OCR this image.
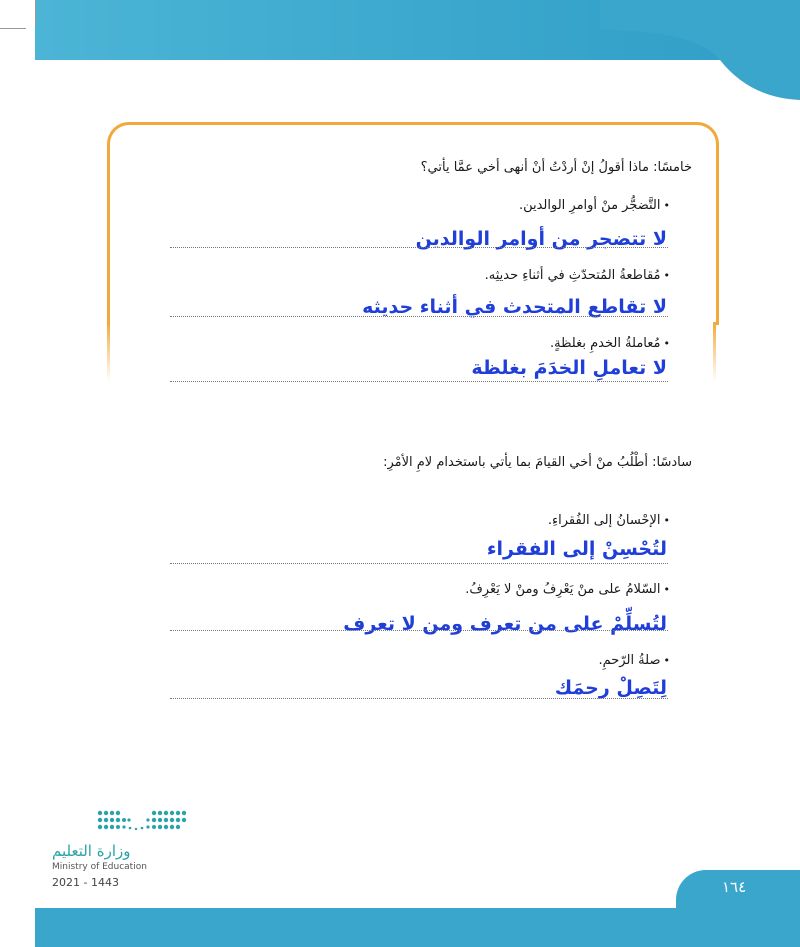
خامسًا: ماذا أقولُ إنْ أردْتُ أنْ أنهى أخي عمَّا يأتي؟
•التَّضجُّر منْ أوامرِ الوالدين.
لا تتضجر من أوامر الوالدين
•مُقاطعةُ المُتحدّثِ في أثناءِ حديثِه.
لا تقاطع المتحدث في أثناء حديثه
•مُعاملةُ الخدمِ بغلظةٍ.
لا تعاملِ الخدَمَ بغلظة
سادسًا: أطْلُبُ منْ أخي القيامَ بما يأتي باستخدام لامِ الأمْرِ:
•الإحْسانُ إلى الفُقراءِ.
لتُحْسِنْ إلى الفقراء
•السّلامُ على منْ يَعْرِفُ ومنْ لا يَعْرِفُ.
لتُسلِّمْ على من تعرف ومن لا تعرف
•صلةُ الرّحمِ.
لِتَصِلْ رحمَك
وزارة التعليم
Ministry of Education
2021 - 1443	١٦٤
